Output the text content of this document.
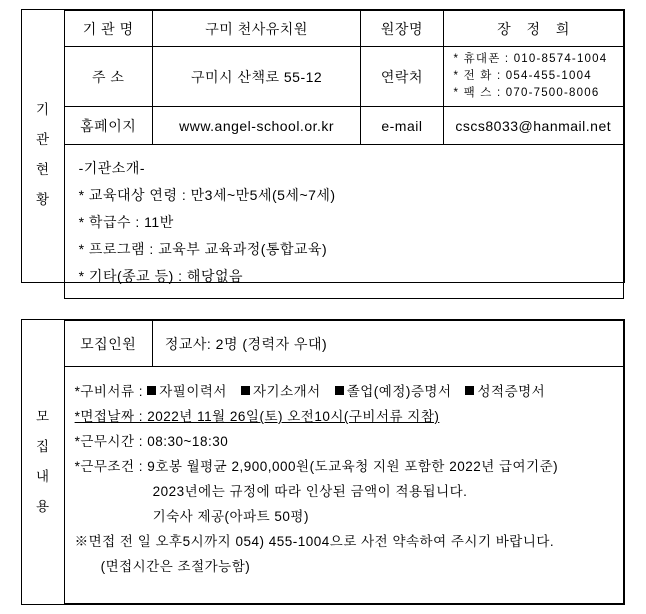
기
관
현
황	기 관 명	구미 천사유치원	원장명	장 정 희
	주 소	구미시 산책로 55-12	연락처	* 휴대폰 : 010-8574-1004
* 전 화 : 054-455-1004
* 팩 스 : 070-7500-8006

	홈페이지	www.angel-school.or.kr	e-mail	cscs8033@hanmail.net

	-기관소개-
* 교육대상 연령 : 만3세~만5세(5세~7세)
* 학급수 : 11반
* 프로그램 : 교육부 교육과정(통합교육)
* 기타(종교 등) : 해당없음			
모
집
내
용
	모집인원	정교사: 2명 (경력자 우대)

*구비서류 : 자필이력서 자기소개서 졸업(예정)증명서 성적증명서
*면접날짜 : 2022년 11월 26일(토) 오전10시(구비서류 지참)
*근무시간 : 08:30~18:30
*근무조건 : 9호봉 월평균 2,900,000원(도교육청 지원 포함한 2022년 급여기준)
2023년에는 규정에 따라 인상된 금액이 적용됩니다.
기숙사 제공(아파트 50평)
※면접 전 일 오후5시까지 054) 455-1004으로 사전 약속하여 주시기 바랍니다.
(면접시간은 조절가능함)
